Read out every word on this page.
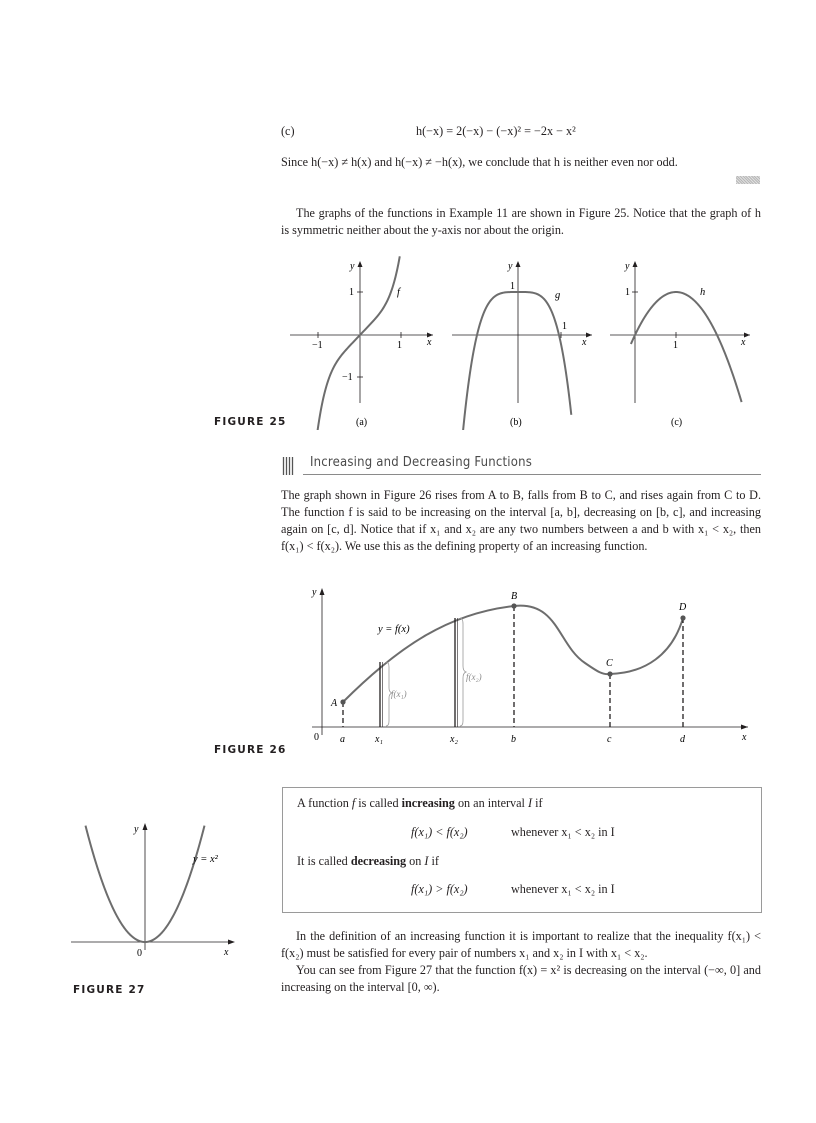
(c)	h(−x) = 2(−x) − (−x)² = −2x − x²
Since h(−x) ≠ h(x) and h(−x) ≠ −h(x), we conclude that h is neither even nor odd.
The graphs of the functions in Example 11 are shown in Figure 25. Notice that the graph of h is symmetric neither about the y-axis nor about the origin.
y
x
1
−1
1
−1
f
(a)
y
x
1
1
g
(b)
y
x
1
1
h
(c)
FIGURE 25
Increasing and Decreasing Functions
The graph shown in Figure 26 rises from A to B, falls from B to C, and rises again from C to D. The function f is said to be increasing on the interval [a, b], decreasing on [b, c], and increasing again on [c, d]. Notice that if x₁ and x₂ are any two numbers between a and b with x₁ < x₂, then f(x₁) < f(x₂). We use this as the defining property of an increasing function.
y
x
0
y = f(x)
A
B
C
D
a	x₁	x₂	b	c	d
f(x₁)
f(x₂)
FIGURE 26
A function f is called increasing on an interval I if
f(x₁) < f(x₂)	whenever x₁ < x₂ in I
It is called decreasing on I if
f(x₁) > f(x₂)	whenever x₁ < x₂ in I
y
x
0
y = x²
FIGURE 27
In the definition of an increasing function it is important to realize that the inequality f(x₁) < f(x₂) must be satisfied for every pair of numbers x₁ and x₂ in I with x₁ < x₂.
You can see from Figure 27 that the function f(x) = x² is decreasing on the interval (−∞, 0] and increasing on the interval [0, ∞).
